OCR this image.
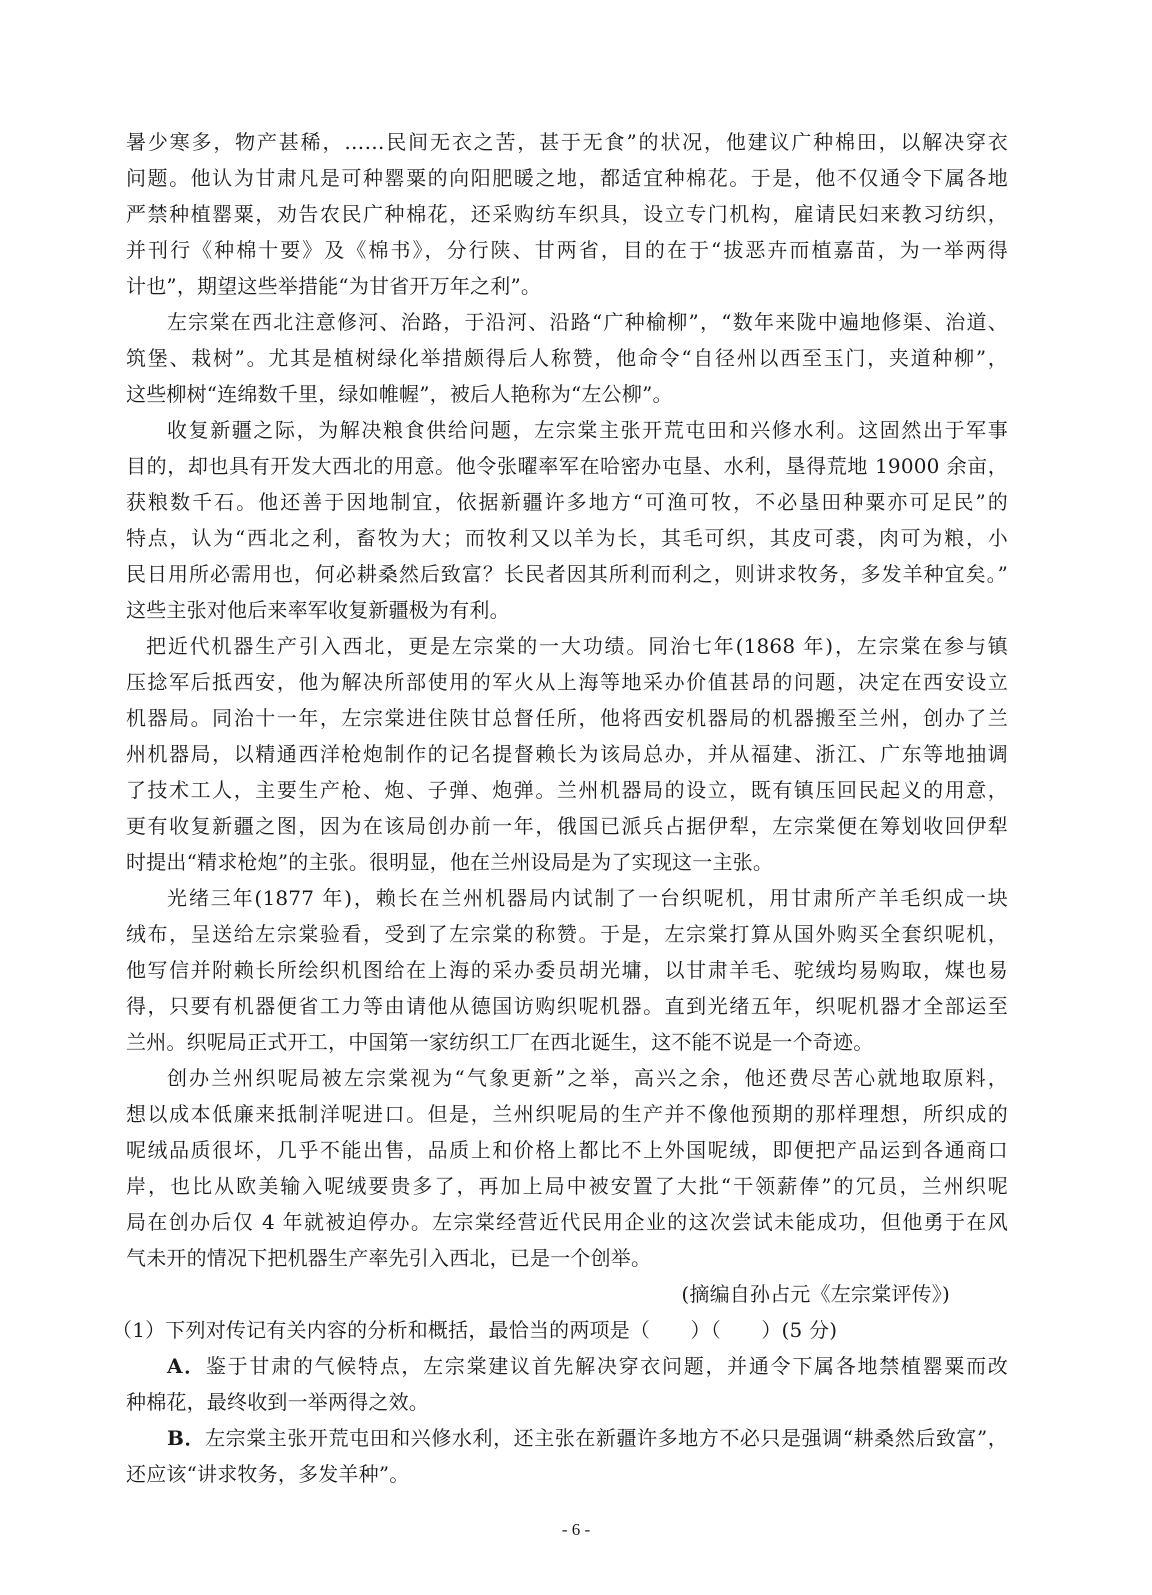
暑少寒多，物产甚稀，……民间无衣之苦，甚于无食”的状况，他建议广种棉田，以解决穿衣
问题。他认为甘肃凡是可种罂粟的向阳肥暖之地，都适宜种棉花。于是，他不仅通令下属各地
严禁种植罂粟，劝告农民广种棉花，还采购纺车织具，设立专门机构，雇请民妇来教习纺织，
并刊行《种棉十要》及《棉书》，分行陕、甘两省，目的在于“拔恶卉而植嘉苗，为一举两得
计也”，期望这些举措能“为甘省开万年之利”。
左宗棠在西北注意修河、治路，于沿河、沿路“广种榆柳”，“数年来陇中遍地修渠、治道、
筑堡、栽树”。尤其是植树绿化举措颇得后人称赞，他命令“自径州以西至玉门，夹道种柳”，
这些柳树“连绵数千里，绿如帷幄”，被后人艳称为“左公柳”。
收复新疆之际，为解决粮食供给问题，左宗棠主张开荒屯田和兴修水利。这固然出于军事
目的，却也具有开发大西北的用意。他令张曜率军在哈密办屯垦、水利，垦得荒地 19000 余亩，
获粮数千石。他还善于因地制宜，依据新疆许多地方“可渔可牧，不必垦田种粟亦可足民”的
特点，认为“西北之利，畜牧为大；而牧利又以羊为长，其毛可织，其皮可裘，肉可为粮，小
民日用所必需用也，何必耕桑然后致富？长民者因其所利而利之，则讲求牧务，多发羊种宜矣。”
这些主张对他后来率军收复新疆极为有利。
把近代机器生产引入西北，更是左宗棠的一大功绩。同治七年(1868 年)，左宗棠在参与镇
压捻军后抵西安，他为解决所部使用的军火从上海等地采办价值甚昂的问题，决定在西安设立
机器局。同治十一年，左宗棠进住陕甘总督任所，他将西安机器局的机器搬至兰州，创办了兰
州机器局，以精通西洋枪炮制作的记名提督赖长为该局总办，并从福建、浙江、广东等地抽调
了技术工人，主要生产枪、炮、子弹、炮弹。兰州机器局的设立，既有镇压回民起义的用意，
更有收复新疆之图，因为在该局创办前一年，俄国已派兵占据伊犁，左宗棠便在筹划收回伊犁
时提出“精求枪炮”的主张。很明显，他在兰州设局是为了实现这一主张。
光绪三年(1877 年)，赖长在兰州机器局内试制了一台织呢机，用甘肃所产羊毛织成一块
绒布，呈送给左宗棠验看，受到了左宗棠的称赞。于是，左宗棠打算从国外购买全套织呢机，
他写信并附赖长所绘织机图给在上海的采办委员胡光墉，以甘肃羊毛、驼绒均易购取，煤也易
得，只要有机器便省工力等由请他从德国访购织呢机器。直到光绪五年，织呢机器才全部运至
兰州。织呢局正式开工，中国第一家纺织工厂在西北诞生，这不能不说是一个奇迹。
创办兰州织呢局被左宗棠视为“气象更新”之举，高兴之余，他还费尽苦心就地取原料，
想以成本低廉来抵制洋呢进口。但是，兰州织呢局的生产并不像他预期的那样理想，所织成的
呢绒品质很坏，几乎不能出售，品质上和价格上都比不上外国呢绒，即便把产品运到各通商口
岸，也比从欧美输入呢绒要贵多了，再加上局中被安置了大批“干领薪俸”的冗员，兰州织呢
局在创办后仅 4 年就被迫停办。左宗棠经营近代民用企业的这次尝试未能成功，但他勇于在风
气未开的情况下把机器生产率先引入西北，已是一个创举。
(摘编自孙占元《左宗棠评传》)
（1）下列对传记有关内容的分析和概括，最恰当的两项是（　　）（　　）(5 分)
A．鉴于甘肃的气候特点，左宗棠建议首先解决穿衣问题，并通令下属各地禁植罂粟而改
种棉花，最终收到一举两得之效。
B．左宗棠主张开荒屯田和兴修水利，还主张在新疆许多地方不必只是强调“耕桑然后致富”，
还应该“讲求牧务，多发羊种”。
- 6 -
